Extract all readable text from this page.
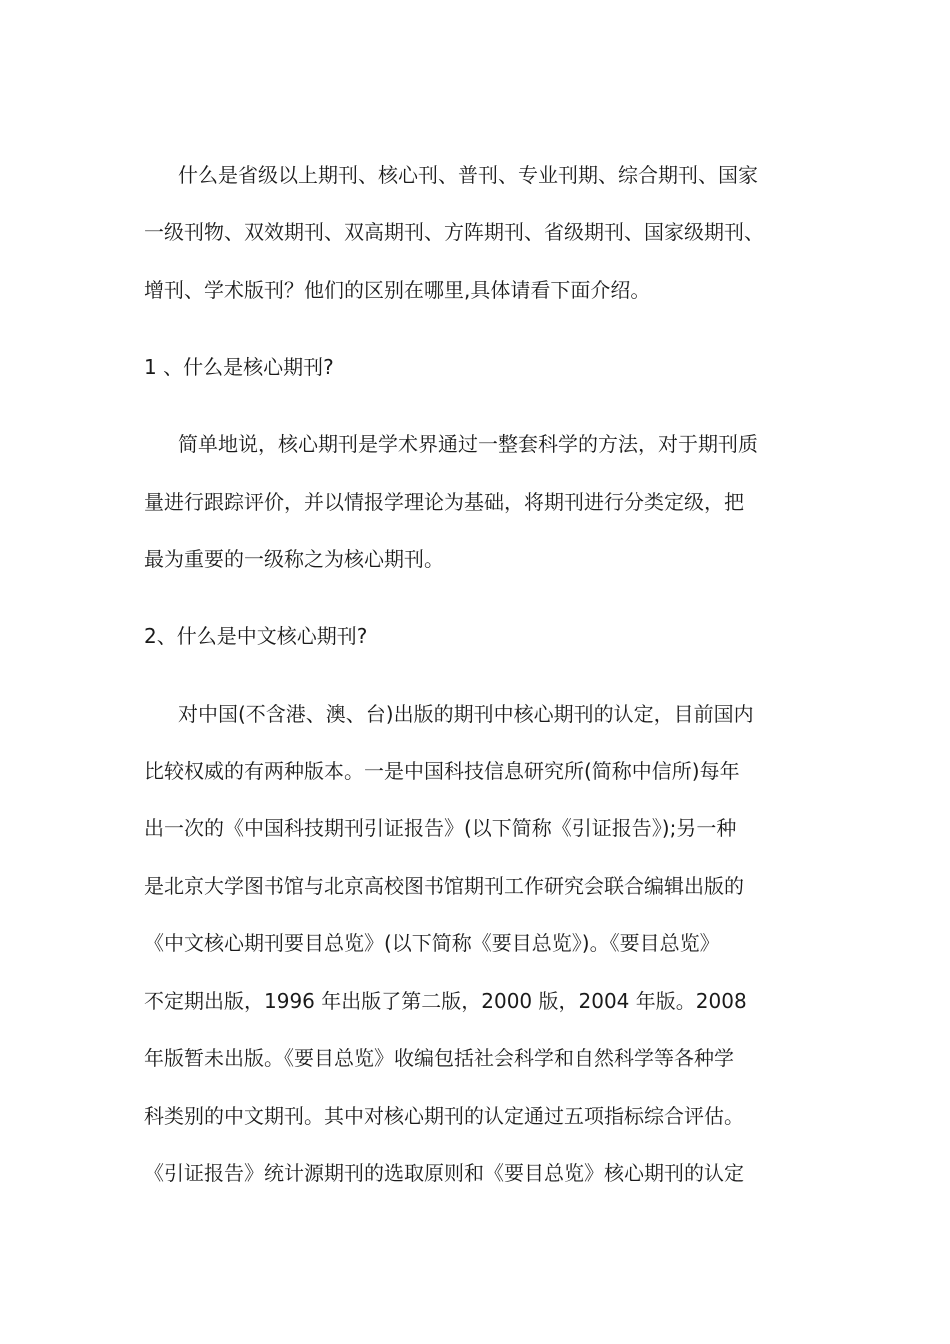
什么是省级以上期刊、核心刊、普刊、专业刊期、综合期刊、国家
一级刊物、双效期刊、双高期刊、方阵期刊、省级期刊、国家级期刊、
增刊、学术版刊？他们的区别在哪里,具体请看下面介绍。
1 、什么是核心期刊?
简单地说，核心期刊是学术界通过一整套科学的方法，对于期刊质
量进行跟踪评价，并以情报学理论为基础，将期刊进行分类定级，把
最为重要的一级称之为核心期刊。
2、什么是中文核心期刊?
对中国(不含港、澳、台)出版的期刊中核心期刊的认定，目前国内
比较权威的有两种版本。一是中国科技信息研究所(简称中信所)每年
出一次的《中国科技期刊引证报告》(以下简称《引证报告》);另一种
是北京大学图书馆与北京高校图书馆期刊工作研究会联合编辑出版的
《中文核心期刊要目总览》(以下简称《要目总览》)。《要目总览》
不定期出版，1996 年出版了第二版，2000 版，2004 年版。2008
年版暂未出版。《要目总览》收编包括社会科学和自然科学等各种学
科类别的中文期刊。其中对核心期刊的认定通过五项指标综合评估。
《引证报告》统计源期刊的选取原则和《要目总览》核心期刊的认定
